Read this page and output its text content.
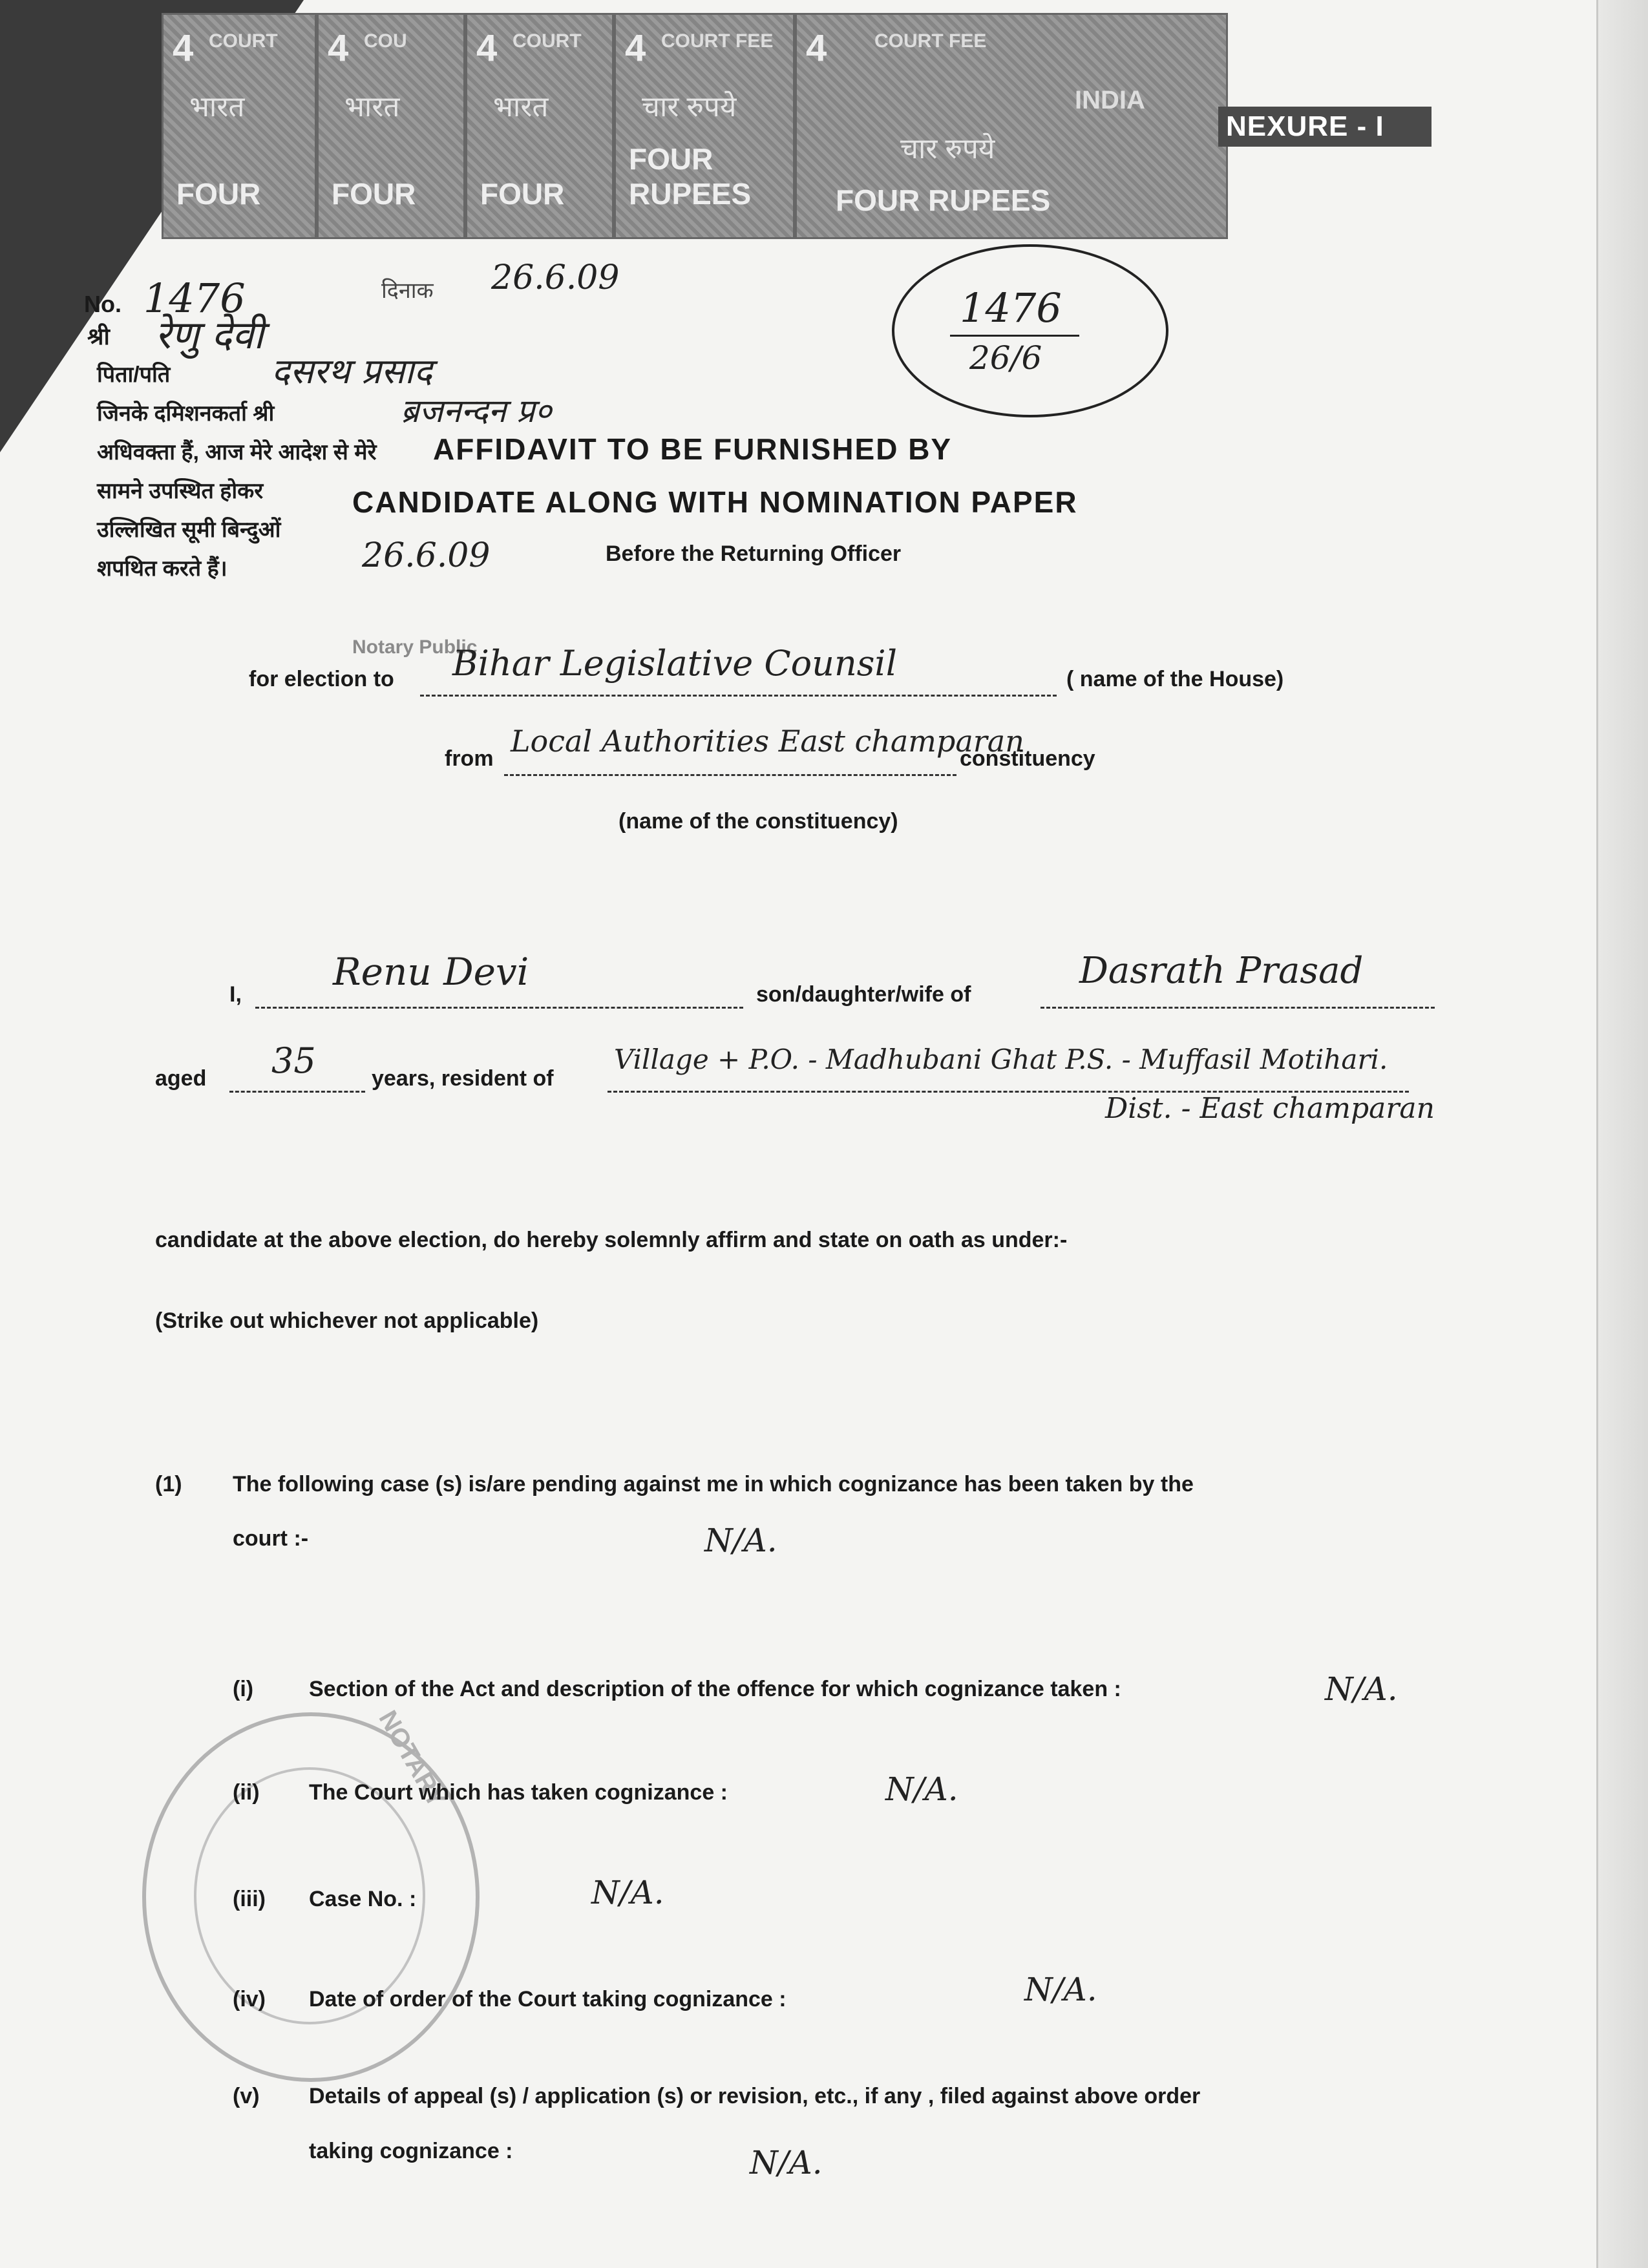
4 COURT
भारत
FOUR
4 COU
भारत
FOUR
4 COURT
भारत
FOUR
4 COURT FEE
चार रुपये
FOUR RUPEES
4 COURT FEE
INDIA
चार रुपये
FOUR RUPEES
NEXURE - I
No. 1476	दिनाक 26.6.09
श्री रेणु देवी
पिता/पति	दसरथ प्रसाद
जिनके दमिशनकर्ता श्री	ब्रजनन्दन प्र०
अधिवक्ता हैं, आज मेरे आदेश से मेरे
सामने उपस्थित होकर
उल्लिखित सूमी बिन्दुओं
शपथित करते हैं।	26.6.09
Notary Public
1476
26/6

AFFIDAVIT TO BE FURNISHED BY
CANDIDATE ALONG WITH NOMINATION PAPER
Before the Returning Officer
for election to Bihar Legislative Counsil	( name of the House)
from Local Authorities East champaran
constituency
(name of the constituency)
I,
Renu Devi
son/daughter/wife of
Dasrath Prasad
aged 35	years, resident of
Village + P.O. - Madhubani Ghat P.S. - Muffasil Motihari.
Dist. - East champaran
candidate at the above election, do hereby solemnly affirm and state on oath as under:-
(Strike out whichever not applicable)
(1) The following case (s) is/are pending against me in which cognizance has been taken by the
court :-	N/A.
(i)	Section of the Act and description of the offence for which cognizance taken :	N/A.
NOTARY
(ii) The Court which has taken cognizance :	N/A.
(iii) Case No. :	N/A.
(iv) Date of order of the Court taking cognizance :	N/A.
(v) Details of appeal (s) / application (s) or revision, etc., if any , filed against above order
taking cognizance :	N/A.
